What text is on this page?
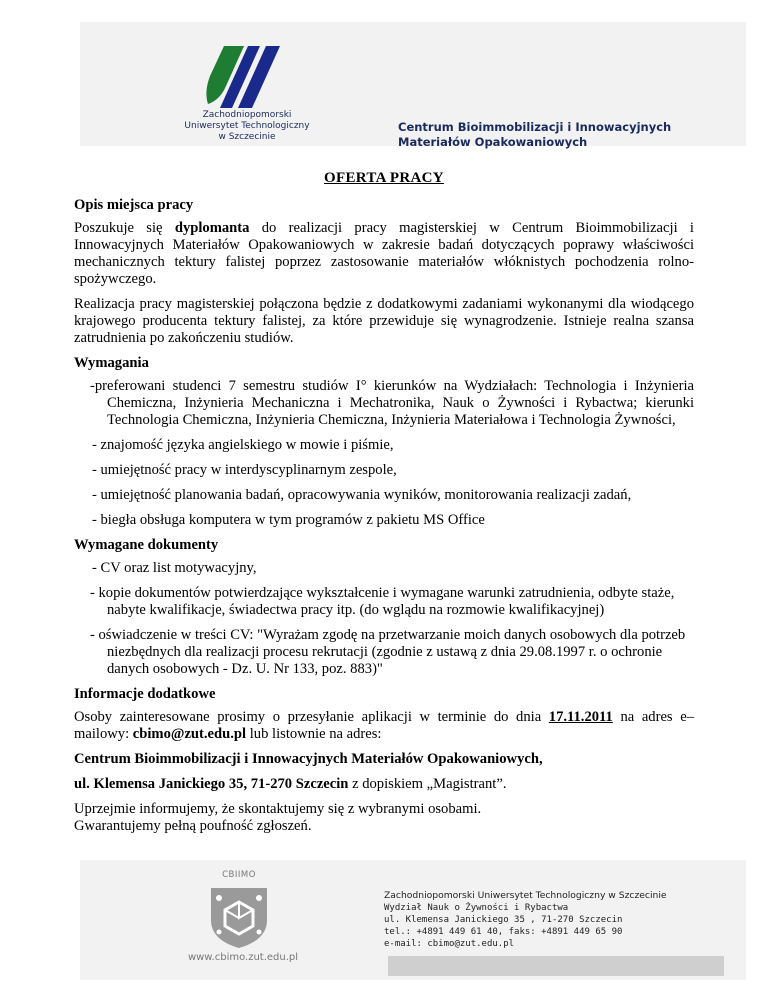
Zachodniopomorski
Uniwersytet Technologiczny
w Szczecinie
Centrum Bioimmobilizacji i Innowacyjnych
Materiałów Opakowaniowych
OFERTA PRACY
Opis miejsca pracy

Poszukuje się dyplomanta do realizacji pracy magisterskiej w Centrum Bioimmobilizacji i Innowacyjnych Materiałów Opakowaniowych w zakresie badań dotyczących poprawy właściwości mechanicznych tektury falistej poprzez zastosowanie materiałów włóknistych pochodzenia rolno-spożywczego.

Realizacja pracy magisterskiej połączona będzie z dodatkowymi zadaniami wykonanymi dla wiodącego krajowego producenta tektury falistej, za które przewiduje się wynagrodzenie. Istnieje realna szansa zatrudnienia po zakończeniu studiów.

Wymagania

-preferowani studenci 7 semestru studiów I° kierunków na Wydziałach: Technologia i Inżynieria Chemiczna, Inżynieria Mechaniczna i Mechatronika, Nauk o Żywności i Rybactwa; kierunki Technologia Chemiczna, Inżynieria Chemiczna, Inżynieria Materiałowa i Technologia Żywności,

- znajomość języka angielskiego w mowie i piśmie,

- umiejętność pracy w interdyscyplinarnym zespole,

- umiejętność planowania badań, opracowywania wyników, monitorowania realizacji zadań,

- biegła obsługa komputera w tym programów z pakietu MS Office

Wymagane dokumenty

- CV oraz list motywacyjny,

- kopie dokumentów potwierdzające wykształcenie i wymagane warunki zatrudnienia, odbyte staże, nabyte kwalifikacje, świadectwa pracy itp. (do wglądu na rozmowie kwalifikacyjnej)

- oświadczenie w treści CV: "Wyrażam zgodę na przetwarzanie moich danych osobowych dla potrzeb niezbędnych dla realizacji procesu rekrutacji (zgodnie z ustawą z dnia 29.08.1997 r. o ochronie danych osobowych - Dz. U. Nr 133, poz. 883)"

Informacje dodatkowe

Osoby zainteresowane prosimy o przesyłanie aplikacji w terminie do dnia 17.11.2011 na adres e–mailowy: cbimo@zut.edu.pl lub listownie na adres:

Centrum Bioimmobilizacji i Innowacyjnych Materiałów Opakowaniowych,

ul. Klemensa Janickiego 35, 71-270 Szczecin z dopiskiem „Magistrant”.

Uprzejmie informujemy, że skontaktujemy się z wybranymi osobami.
Gwarantujemy pełną poufność zgłoszeń.
CBIIMO
www.cbimo.zut.edu.pl
Zachodniopomorski Uniwersytet Technologiczny w Szczecinie
Wydział Nauk o Żywności i Rybactwa
ul. Klemensa Janickiego 35 , 71-270 Szczecin
tel.: +4891 449 61 40, faks: +4891 449 65 90
e-mail: cbimo@zut.edu.pl
